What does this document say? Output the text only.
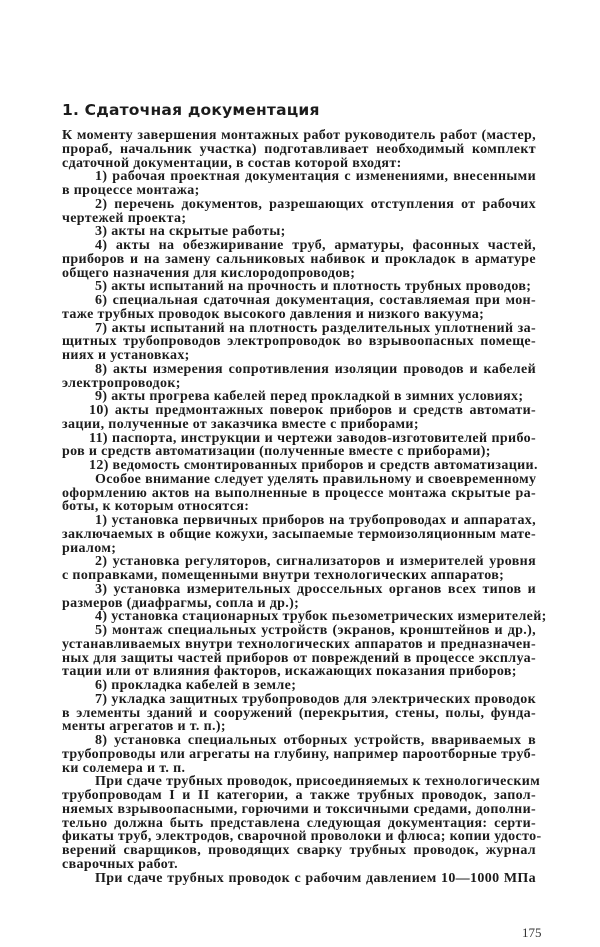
1. Сдаточная документация
К моменту завершения монтажных работ руководитель работ (мастер,
прораб, начальник участка) подготавливает необходимый комплект
сдаточной документации, в состав которой входят:
1) рабочая проектная документация с изменениями, внесенными
в процессе монтажа;
2) перечень документов, разрешающих отступления от рабочих
чертежей проекта;
3) акты на скрытые работы;
4) акты на обезжиривание труб, арматуры, фасонных частей,
приборов и на замену сальниковых набивок и прокладок в арматуре
общего назначения для кислородопроводов;
5) акты испытаний на прочность и плотность трубных проводов;
6) специальная сдаточная документация, составляемая при мон-
таже трубных проводок высокого давления и низкого вакуума;
7) акты испытаний на плотность разделительных уплотнений за-
щитных трубопроводов электропроводок во взрывоопасных помеще-
ниях и установках;
8) акты измерения сопротивления изоляции проводов и кабелей
электропроводок;
9) акты прогрева кабелей перед прокладкой в зимних условиях;
10) акты предмонтажных поверок приборов и средств автомати-
зации, полученные от заказчика вместе с приборами;
11) паспорта, инструкции и чертежи заводов-изготовителей прибо-
ров и средств автоматизации (полученные вместе с приборами);
12) ведомость смонтированных приборов и средств автоматизации.
Особое внимание следует уделять правильному и своевременному
оформлению актов на выполненные в процессе монтажа скрытые ра-
боты, к которым относятся:
1) установка первичных приборов на трубопроводах и аппаратах,
заключаемых в общие кожухи, засыпаемые термоизоляционным мате-
риалом;
2) установка регуляторов, сигнализаторов и измерителей уровня
с поправками, помещенными внутри технологических аппаратов;
3) установка измерительных дроссельных органов всех типов и
размеров (диафрагмы, сопла и др.);
4) установка стационарных трубок пьезометрических измерителей;
5) монтаж специальных устройств (экранов, кронштейнов и др.),
устанавливаемых внутри технологических аппаратов и предназначен-
ных для защиты частей приборов от повреждений в процессе эксплуа-
тации или от влияния факторов, искажающих показания приборов;
6) прокладка кабелей в земле;
7) укладка защитных трубопроводов для электрических проводок
в элементы зданий и сооружений (перекрытия, стены, полы, фунда-
менты агрегатов и т. п.);
8) установка специальных отборных устройств, ввариваемых в
трубопроводы или агрегаты на глубину, например пароотборные труб-
ки солемера и т. п.
При сдаче трубных проводок, присоединяемых к технологическим
трубопроводам I и II категории, а также трубных проводок, запол-
няемых взрывоопасными, горючими и токсичными средами, дополни-
тельно должна быть представлена следующая документация: серти-
фикаты труб, электродов, сварочной проволоки и флюса; копии удосто-
верений сварщиков, проводящих сварку трубных проводок, журнал
сварочных работ.
При сдаче трубных проводок с рабочим давлением 10—1000 МПа
175
